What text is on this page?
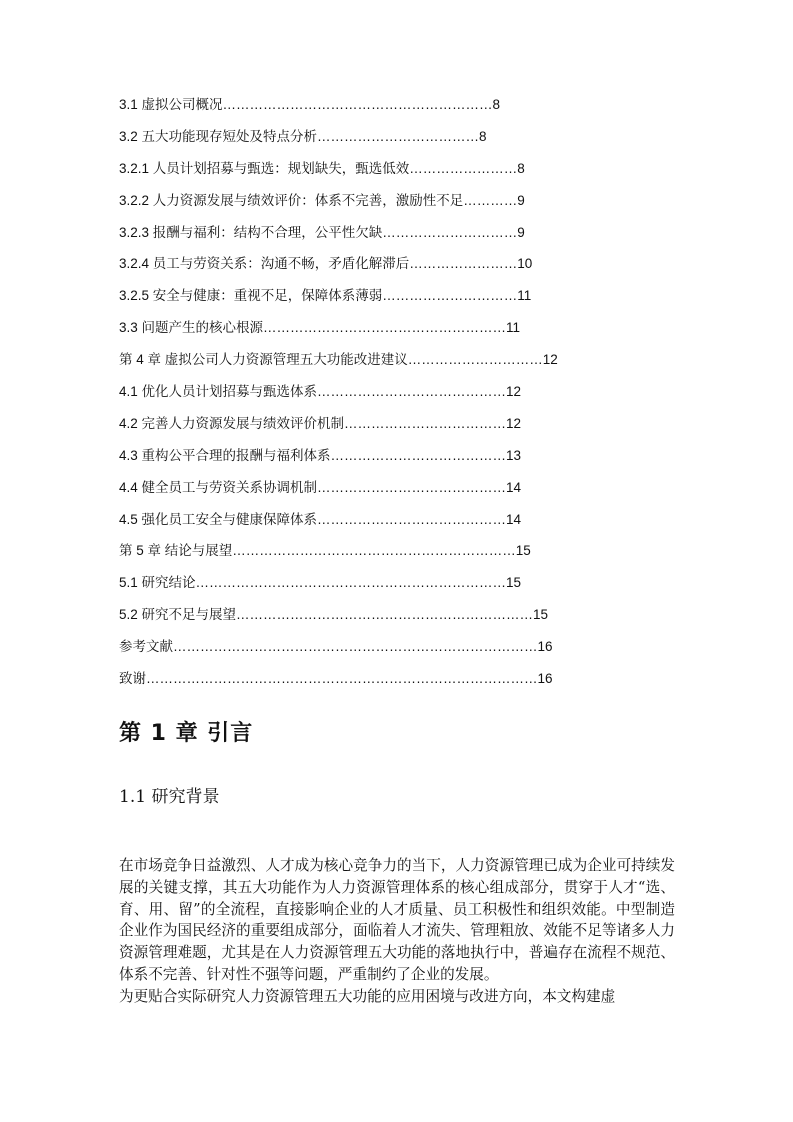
3.1 虚拟公司概况……………………………………………………8
3.2 五大功能现存短处及特点分析………………………………8
3.2.1 人员计划招募与甄选：规划缺失，甄选低效……………………8
3.2.2 人力资源发展与绩效评价：体系不完善，激励性不足…………9
3.2.3 报酬与福利：结构不合理，公平性欠缺…………………………9
3.2.4 员工与劳资关系：沟通不畅，矛盾化解滞后……………………10
3.2.5 安全与健康：重视不足，保障体系薄弱…………………………11
3.3 问题产生的核心根源………………………………………………11
第 4 章 虚拟公司人力资源管理五大功能改进建议…………………………12
4.1 优化人员计划招募与甄选体系……………………………………12
4.2 完善人力资源发展与绩效评价机制………………………………12
4.3 重构公平合理的报酬与福利体系…………………………………13
4.4 健全员工与劳资关系协调机制……………………………………14
4.5 强化员工安全与健康保障体系……………………………………14
第 5 章 结论与展望………………………………………………………15
5.1 研究结论……………………………………………………………15
5.2 研究不足与展望…………………………………………………………15
参考文献………………………………………………………………………16
致谢……………………………………………………………………………16
第 1 章 引言
1.1 研究背景

在市场竞争日益激烈、人才成为核心竞争力的当下，人力资源管理已成为企业可持续发展的关键支撑，其五大功能作为人力资源管理体系的核心组成部分，贯穿于人才“选、育、用、留”的全流程，直接影响企业的人才质量、员工积极性和组织效能。中型制造企业作为国民经济的重要组成部分，面临着人才流失、管理粗放、效能不足等诸多人力资源管理难题，尤其是在人力资源管理五大功能的落地执行中，普遍存在流程不规范、体系不完善、针对性不强等问题，严重制约了企业的发展。

为更贴合实际研究人力资源管理五大功能的应用困境与改进方向，本文构建虚
